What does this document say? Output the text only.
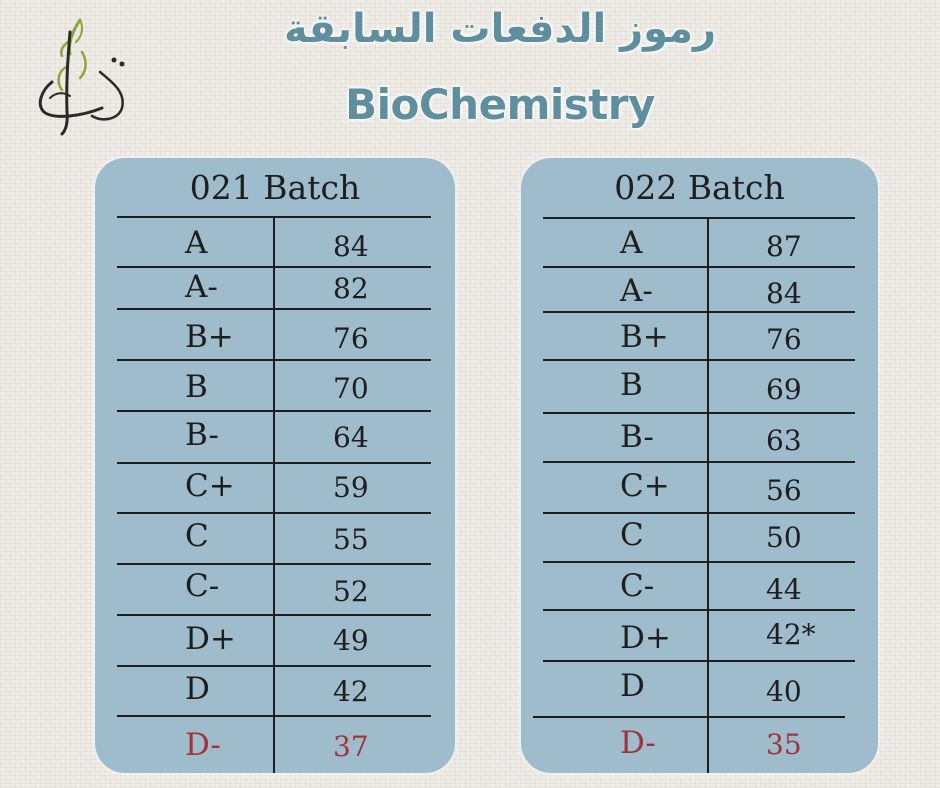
رموز الدفعات السابقة
BioChemistry
021 Batch
A	84
A-	82
B+	76
B	70
B-	64
C+	59
C	55
C-	52
D+	49
D	42
D-	37
022 Batch
A	87
A-	84
B+	76
B	69
B-	63
C+	56
C	50
C-	44
D+	42*
D	40
D-	35
